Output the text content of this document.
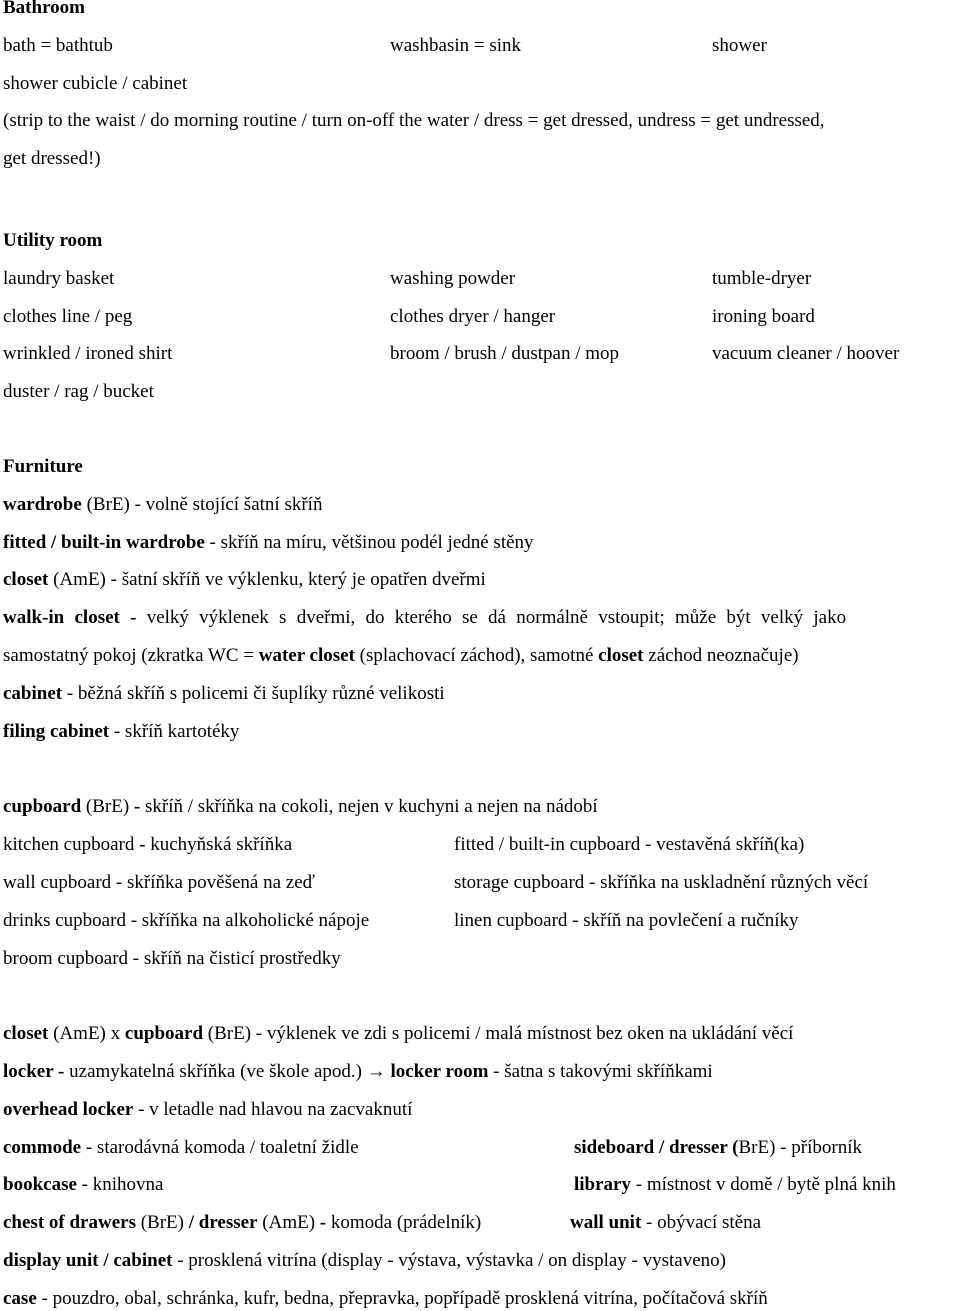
Bathroom
bath = bathtub	washbasin = sink	shower
shower cubicle / cabinet
(strip to the waist / do morning routine / turn on-off the water / dress = get dressed, undress = get undressed,
get dressed!)
Utility room
laundry basket	washing powder	tumble-dryer
clothes line / peg	clothes dryer / hanger	ironing board
wrinkled / ironed shirt	broom / brush / dustpan / mop	vacuum cleaner / hoover
duster / rag / bucket
Furniture
wardrobe (BrE) - volně stojící šatní skříň
fitted / built-in wardrobe - skříň na míru, většinou podél jedné stěny
closet (AmE) - šatní skříň ve výklenku, který je opatřen dveřmi
walk-in closet - velký výklenek s dveřmi, do kterého se dá normálně vstoupit; může být velký jako
samostatný pokoj (zkratka WC = water closet (splachovací záchod), samotné closet záchod neoznačuje)
cabinet - běžná skříň s policemi či šuplíky různé velikosti
filing cabinet - skříň kartotéky
cupboard (BrE) - skříň / skříňka na cokoli, nejen v kuchyni a nejen na nádobí
kitchen cupboard - kuchyňská skříňka	fitted / built-in cupboard - vestavěná skříň(ka)
wall cupboard - skříňka pověšená na zeď	storage cupboard - skříňka na uskladnění různých věcí
drinks cupboard - skříňka na alkoholické nápoje	linen cupboard - skříň na povlečení a ručníky
broom cupboard - skříň na čisticí prostředky
closet (AmE) x cupboard (BrE) - výklenek ve zdi s policemi / malá místnost bez oken na ukládání věcí
locker - uzamykatelná skříňka (ve škole apod.) → locker room - šatna s takovými skříňkami
overhead locker - v letadle nad hlavou na zacvaknutí
commode - starodávná komoda / toaletní židle	sideboard / dresser (BrE) - příborník
bookcase - knihovna	library - místnost v domě / bytě plná knih
chest of drawers (BrE) / dresser (AmE) - komoda (prádelník)	wall unit - obývací stěna
display unit / cabinet - prosklená vitrína (display - výstava, výstavka / on display - vystaveno)
case - pouzdro, obal, schránka, kufr, bedna, přepravka, popřípadě prosklená vitrína, počítačová skříň
